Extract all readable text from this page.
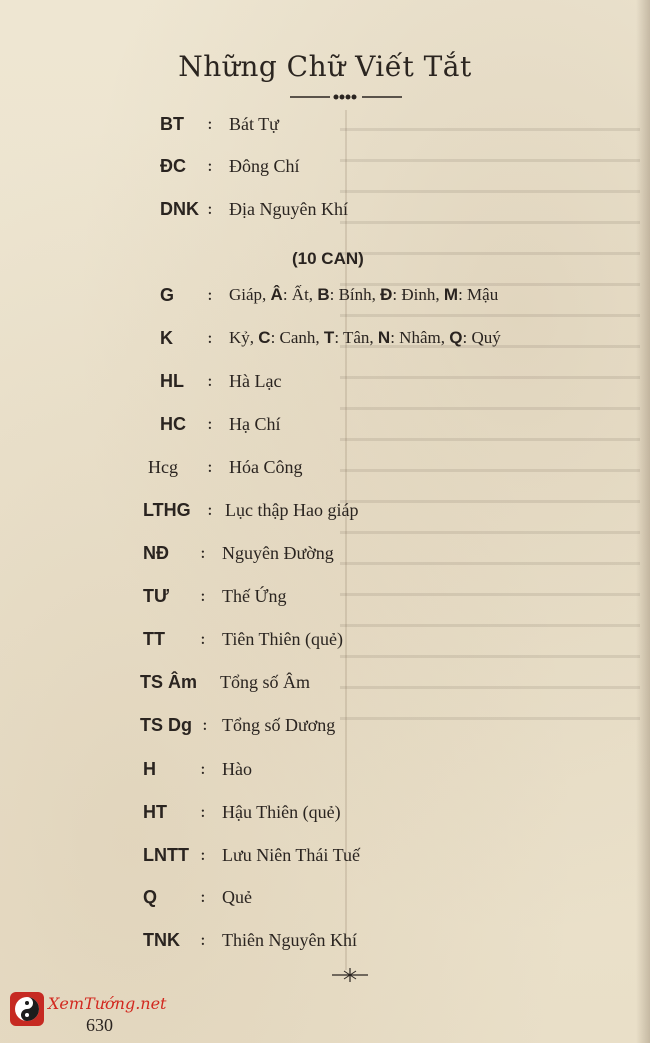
Những Chữ Viết Tắt
BT : Bát Tự
ĐC : Đông Chí
DNK : Địa Nguyên Khí
(10 CAN)
G : Giáp, Â: Ất, B: Bính, Đ: Đinh, M: Mậu
K : Kỷ, C: Canh, T: Tân, N: Nhâm, Q: Quý
HL : Hà Lạc
HC : Hạ Chí
Hcg : Hóa Công
LTHG : Lục thập Hao giáp
NĐ : Nguyên Đường
TƯ : Thế Ứng
TT : Tiên Thiên (quẻ)
TS Âm Tổng số Âm
TS Dg : Tổng số Dương
H	: Hào
HT : Hậu Thiên (quẻ)
LNTT : Lưu Niên Thái Tuế
Q	: Quẻ
TNK : Thiên Nguyên Khí
XemTướng.net
630
